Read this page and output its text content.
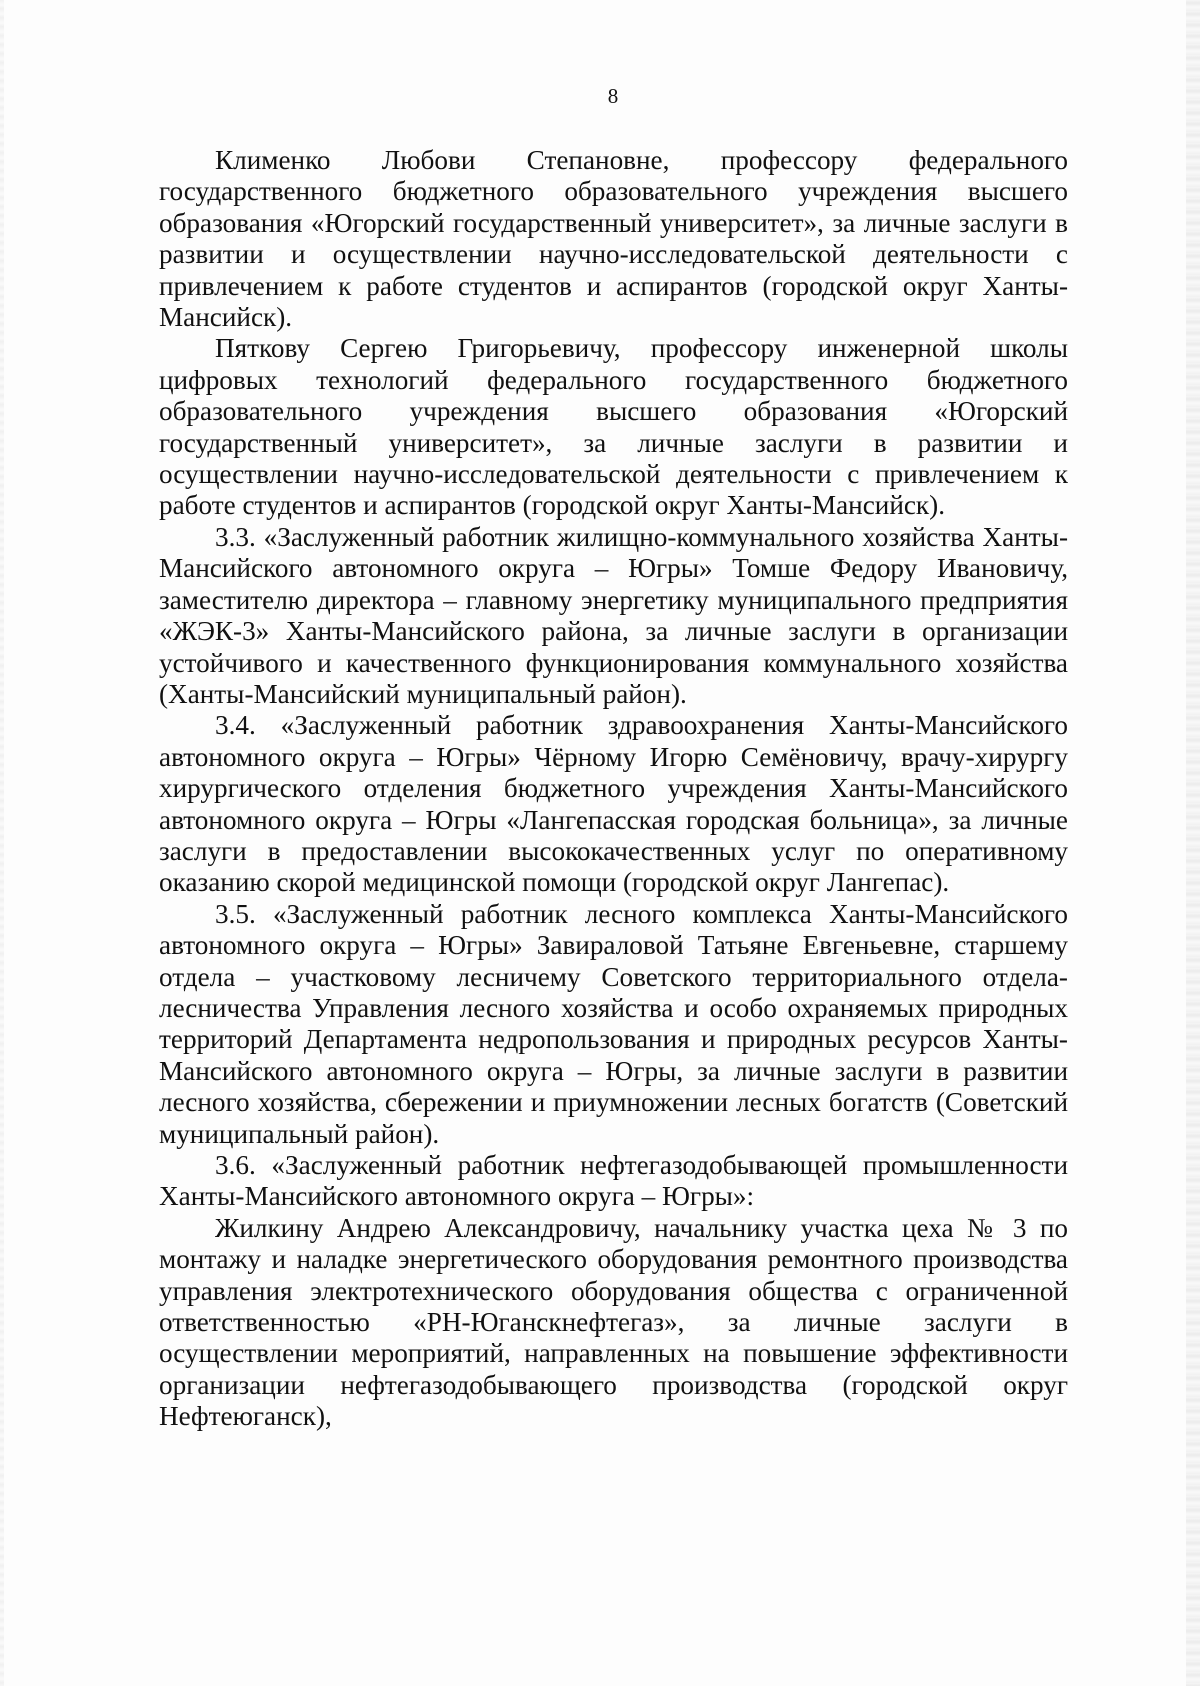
8

Клименко Любови Степановне, профессору федерального государственного бюджетного образовательного учреждения высшего образования «Югорский государственный университет», за личные заслуги в развитии и осуществлении научно-исследовательской деятельности с привлечением к работе студентов и аспирантов (городской округ Ханты-Мансийск).

Пяткову Сергею Григорьевичу, профессору инженерной школы цифровых технологий федерального государственного бюджетного образовательного учреждения высшего образования «Югорский государственный университет», за личные заслуги в развитии и осуществлении научно-исследовательской деятельности с привлечением к работе студентов и аспирантов (городской округ Ханты-Мансийск).

3.3. «Заслуженный работник жилищно-коммунального хозяйства Ханты-Мансийского автономного округа – Югры» Томше Федору Ивановичу, заместителю директора – главному энергетику муниципального предприятия «ЖЭК-3» Ханты-Мансийского района, за личные заслуги в организации устойчивого и качественного функционирования коммунального хозяйства (Ханты-Мансийский муниципальный район).

3.4. «Заслуженный работник здравоохранения Ханты-Мансийского автономного округа – Югры» Чёрному Игорю Семёновичу, врачу-хирургу хирургического отделения бюджетного учреждения Ханты-Мансийского автономного округа – Югры «Лангепасская городская больница», за личные заслуги в предоставлении высококачественных услуг по оперативному оказанию скорой медицинской помощи (городской округ Лангепас).

3.5. «Заслуженный работник лесного комплекса Ханты-Мансийского автономного округа – Югры» Завираловой Татьяне Евгеньевне, старшему отдела – участковому лесничему Советского территориального отдела-лесничества Управления лесного хозяйства и особо охраняемых природных территорий Департамента недропользования и природных ресурсов Ханты-Мансийского автономного округа – Югры, за личные заслуги в развитии лесного хозяйства, сбережении и приумножении лесных богатств (Советский муниципальный район).

3.6. «Заслуженный работник нефтегазодобывающей промышленности Ханты-Мансийского автономного округа – Югры»:

Жилкину Андрею Александровичу, начальнику участка цеха № 3 по монтажу и наладке энергетического оборудования ремонтного производства управления электротехнического оборудования общества с ограниченной ответственностью «РН-Юганскнефтегаз», за личные заслуги в осуществлении мероприятий, направленных на повышение эффективности организации нефтегазодобывающего производства (городской округ Нефтеюганск),
